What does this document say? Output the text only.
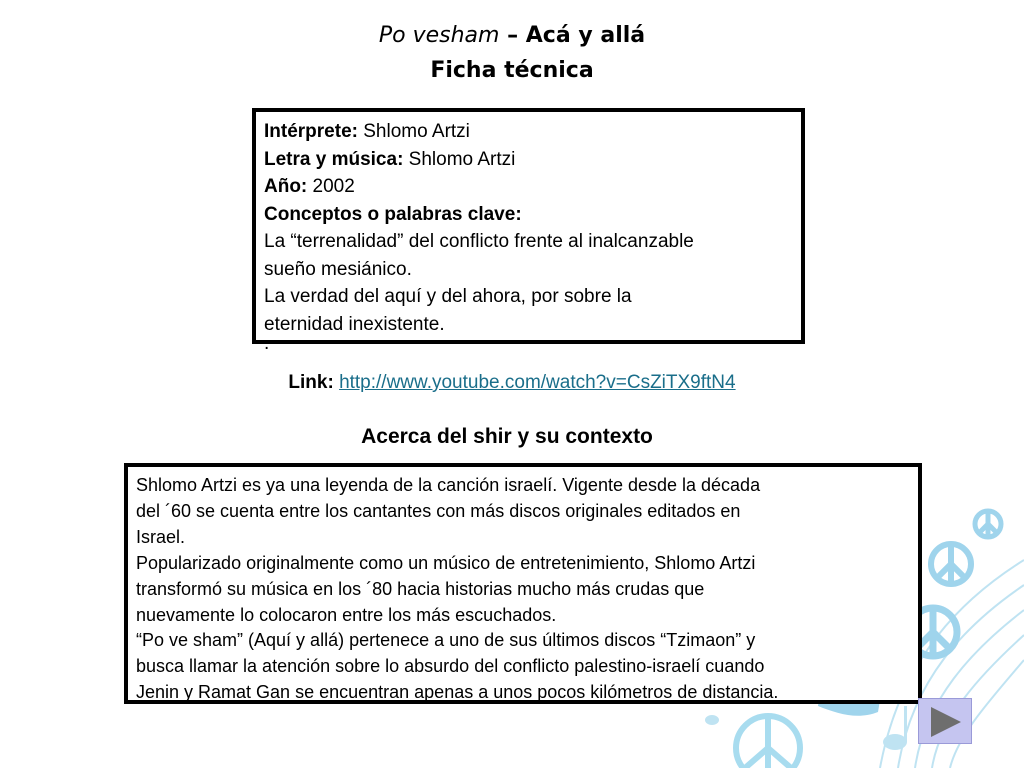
Po vesham – Acá y allá
Ficha técnica
Intérprete: Shlomo Artzi
Letra y música: Shlomo Artzi
Año: 2002
Conceptos o palabras clave:
La “terrenalidad” del conflicto frente al inalcanzable
sueño mesiánico.
La verdad del aquí y del ahora, por sobre la
eternidad inexistente.
.
Link: http://www.youtube.com/watch?v=CsZiTX9ftN4
Acerca del shir y su contexto
Shlomo Artzi es ya una leyenda de la canción israelí. Vigente desde la década
del ´60 se cuenta entre los cantantes con más discos originales editados en
Israel.
Popularizado originalmente como un músico de entretenimiento, Shlomo Artzi
transformó su música en los ´80 hacia historias mucho más crudas que
nuevamente lo colocaron entre los más escuchados.
“Po ve sham” (Aquí y allá) pertenece a uno de sus últimos discos “Tzimaon” y
busca llamar la atención sobre lo absurdo del conflicto palestino-israelí cuando
Jenin y Ramat Gan se encuentran apenas a unos pocos kilómetros de distancia.
